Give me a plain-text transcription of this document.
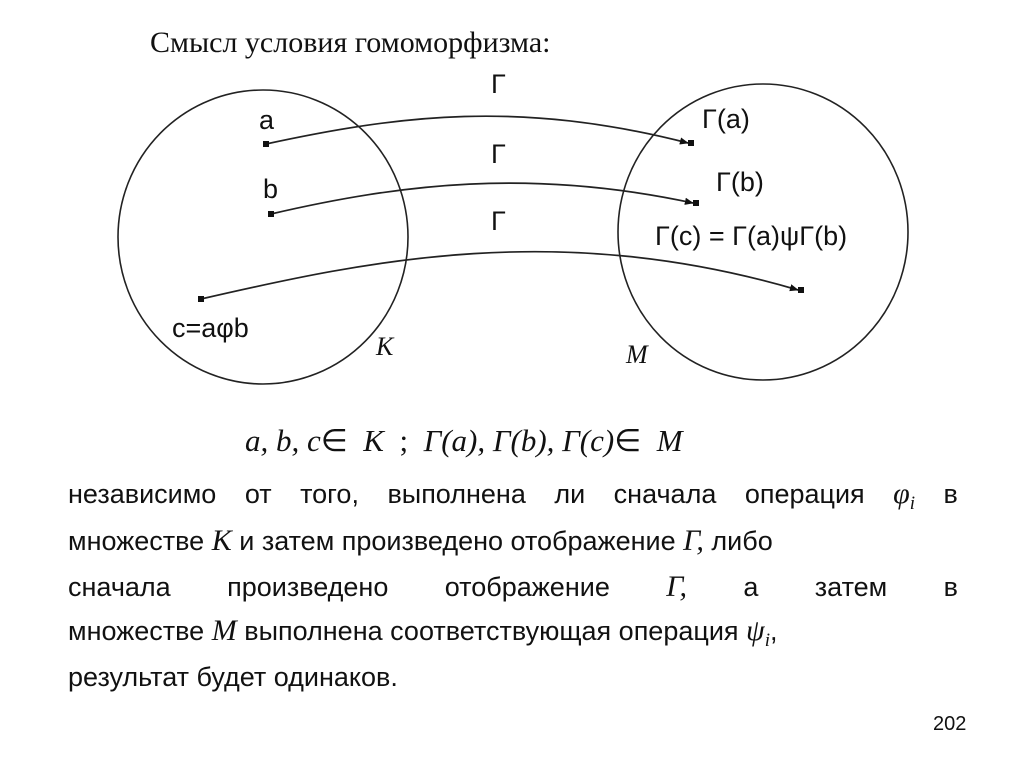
Смысл условия гомоморфизма:
a
b
c=aφb
Γ(a)
Γ(b)
Γ(c) = Γ(a)ψΓ(b)
Γ
Γ
Γ
K	M
a, b, c∈ K ; Γ(a), Γ(b), Γ(c)∈ M
независимо от того, выполнена ли сначала операция $\varphi_i$ в
множестве K и затем произведено отображение Γ, либо
сначала произведено отображение Γ, а затем в
множестве M выполнена соответствующая операция $\psi_i$,
результат будет одинаков.
202
